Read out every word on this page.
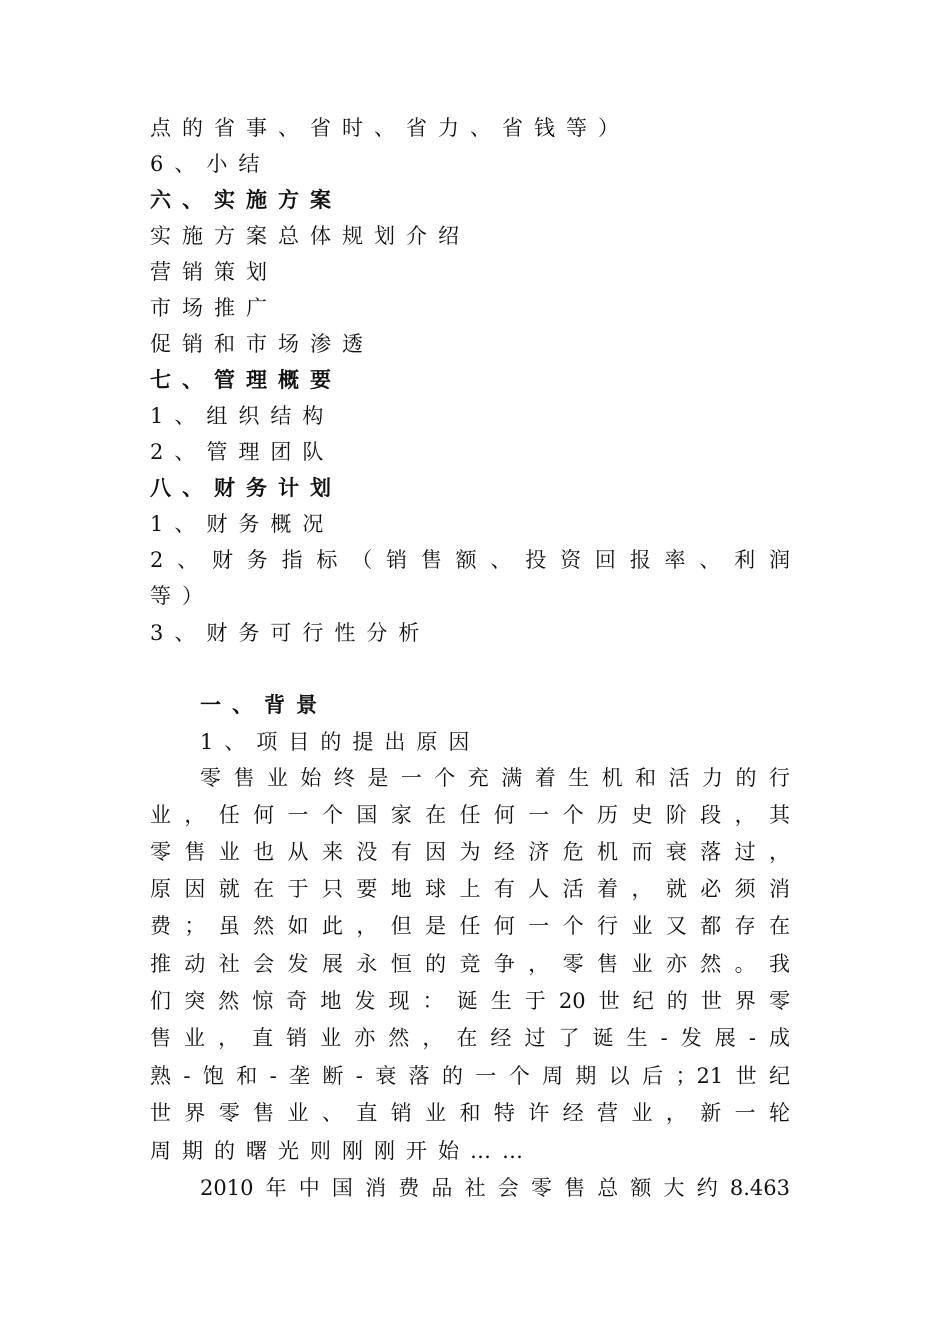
点的省事、省时、省力、省钱等）
6、小结
六、实施方案
实施方案总体规划介绍
营销策划
市场推广
促销和市场渗透
七、管理概要
1、组织结构
2、管理团队
八、财务计划
1、财务概况
2、财务指标（销售额、投资回报率、利润
等）
3、财务可行性分析
一、背景
1、项目的提出原因
零售业始终是一个充满着生机和活力的行
业，任何一个国家在任何一个历史阶段，其
零售业也从来没有因为经济危机而衰落过，
原因就在于只要地球上有人活着，就必须消
费；虽然如此，但是任何一个行业又都存在
推动社会发展永恒的竞争，零售业亦然。我
们突然惊奇地发现：诞生于20世纪的世界零
售业，直销业亦然，在经过了诞生-发展-成
熟-饱和-垄断-衰落的一个周期以后；21世纪
世界零售业、直销业和特许经营业，新一轮
周期的曙光则刚刚开始……
2010年中国消费品社会零售总额大约8.463
